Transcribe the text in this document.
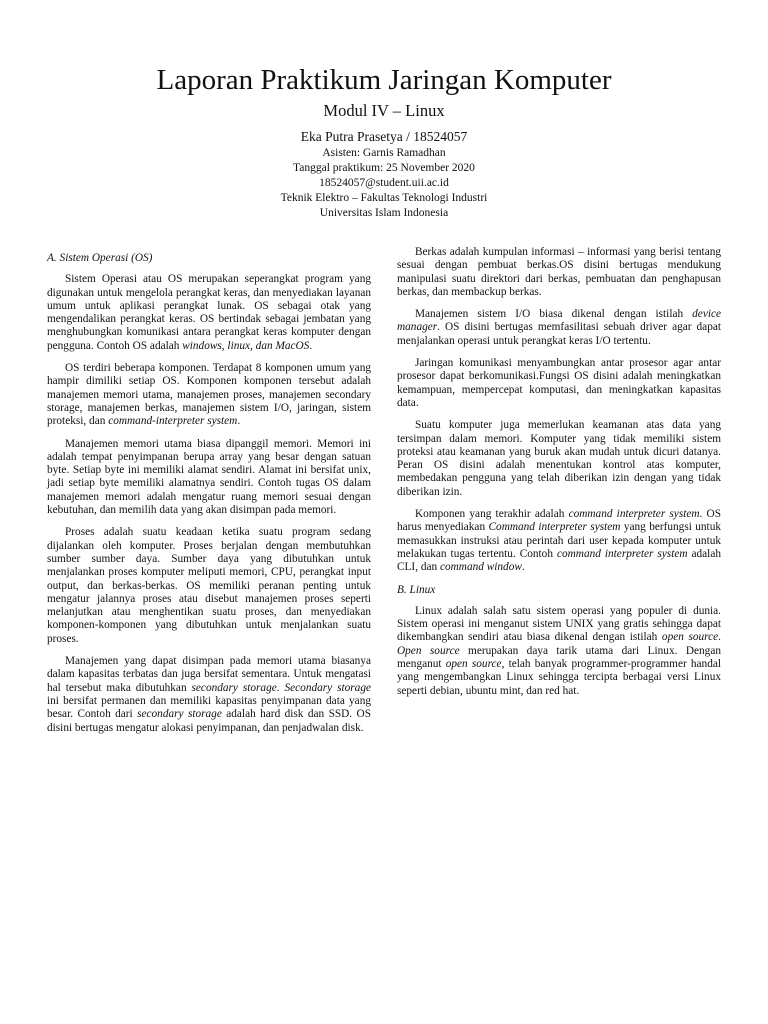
Laporan Praktikum Jaringan Komputer
Modul IV – Linux
Eka Putra Prasetya / 18524057
Asisten: Garnis Ramadhan
Tanggal praktikum: 25 November 2020
18524057@student.uii.ac.id
Teknik Elektro – Fakultas Teknologi Industri
Universitas Islam Indonesia
A. Sistem Operasi (OS)

Sistem Operasi atau OS merupakan seperangkat program yang digunakan untuk mengelola perangkat keras, dan menyediakan layanan umum untuk aplikasi perangkat lunak. OS sebagai otak yang mengendalikan perangkat keras. OS bertindak sebagai jembatan yang menghubungkan komunikasi antara perangkat keras komputer dengan pengguna. Contoh OS adalah windows, linux, dan MacOS.

OS terdiri beberapa komponen. Terdapat 8 komponen umum yang hampir dimiliki setiap OS. Komponen komponen tersebut adalah manajemen memori utama, manajemen proses, manajemen secondary storage, manajemen berkas, manajemen sistem I/O, jaringan, sistem proteksi, dan command-interpreter system.

Manajemen memori utama biasa dipanggil memori. Memori ini adalah tempat penyimpanan berupa array yang besar dengan satuan byte. Setiap byte ini memiliki alamat sendiri. Alamat ini bersifat unix, jadi setiap byte memiliki alamatnya sendiri. Contoh tugas OS dalam manajemen memori adalah mengatur ruang memori sesuai dengan kebutuhan, dan memilih data yang akan disimpan pada memori.

Proses adalah suatu keadaan ketika suatu program sedang dijalankan oleh komputer. Proses berjalan dengan membutuhkan sumber sumber daya. Sumber daya yang dibutuhkan untuk menjalankan proses komputer meliputi memori, CPU, perangkat input output, dan berkas-berkas. OS memiliki peranan penting untuk mengatur jalannya proses atau disebut manajemen proses seperti melanjutkan atau menghentikan suatu proses, dan menyediakan komponen-komponen yang dibutuhkan untuk menjalankan suatu proses.

Manajemen yang dapat disimpan pada memori utama biasanya dalam kapasitas terbatas dan juga bersifat sementara. Untuk mengatasi hal tersebut maka dibutuhkan secondary storage. Secondary storage ini bersifat permanen dan memiliki kapasitas penyimpanan data yang besar. Contoh dari secondary storage adalah hard disk dan SSD. OS disini bertugas mengatur alokasi penyimpanan, dan penjadwalan disk.

Berkas adalah kumpulan informasi – informasi yang berisi tentang sesuai dengan pembuat berkas.OS disini bertugas mendukung manipulasi suatu direktori dari berkas, pembuatan dan penghapusan berkas, dan membackup berkas.

Manajemen sistem I/O biasa dikenal dengan istilah device manager. OS disini bertugas memfasilitasi sebuah driver agar dapat menjalankan operasi untuk perangkat keras I/O tertentu.

Jaringan komunikasi menyambungkan antar prosesor agar antar prosesor dapat berkomunikasi.Fungsi OS disini adalah meningkatkan kemampuan, mempercepat komputasi, dan meningkatkan kapasitas data.

Suatu komputer juga memerlukan keamanan atas data yang tersimpan dalam memori. Komputer yang tidak memiliki sistem proteksi atau keamanan yang buruk akan mudah untuk dicuri datanya. Peran OS disini adalah menentukan kontrol atas komputer, membedakan pengguna yang telah diberikan izin dengan yang tidak diberikan izin.

Komponen yang terakhir adalah command interpreter system. OS harus menyediakan Command interpreter system yang berfungsi untuk memasukkan instruksi atau perintah dari user kepada komputer untuk melakukan tugas tertentu. Contoh command interpreter system adalah CLI, dan command window.

B. Linux

Linux adalah salah satu sistem operasi yang populer di dunia. Sistem operasi ini menganut sistem UNIX yang gratis sehingga dapat dikembangkan sendiri atau biasa dikenal dengan istilah open source. Open source merupakan daya tarik utama dari Linux. Dengan menganut open source, telah banyak programmer-programmer handal yang mengembangkan Linux sehingga tercipta berbagai versi Linux seperti debian, ubuntu mint, dan red hat.
